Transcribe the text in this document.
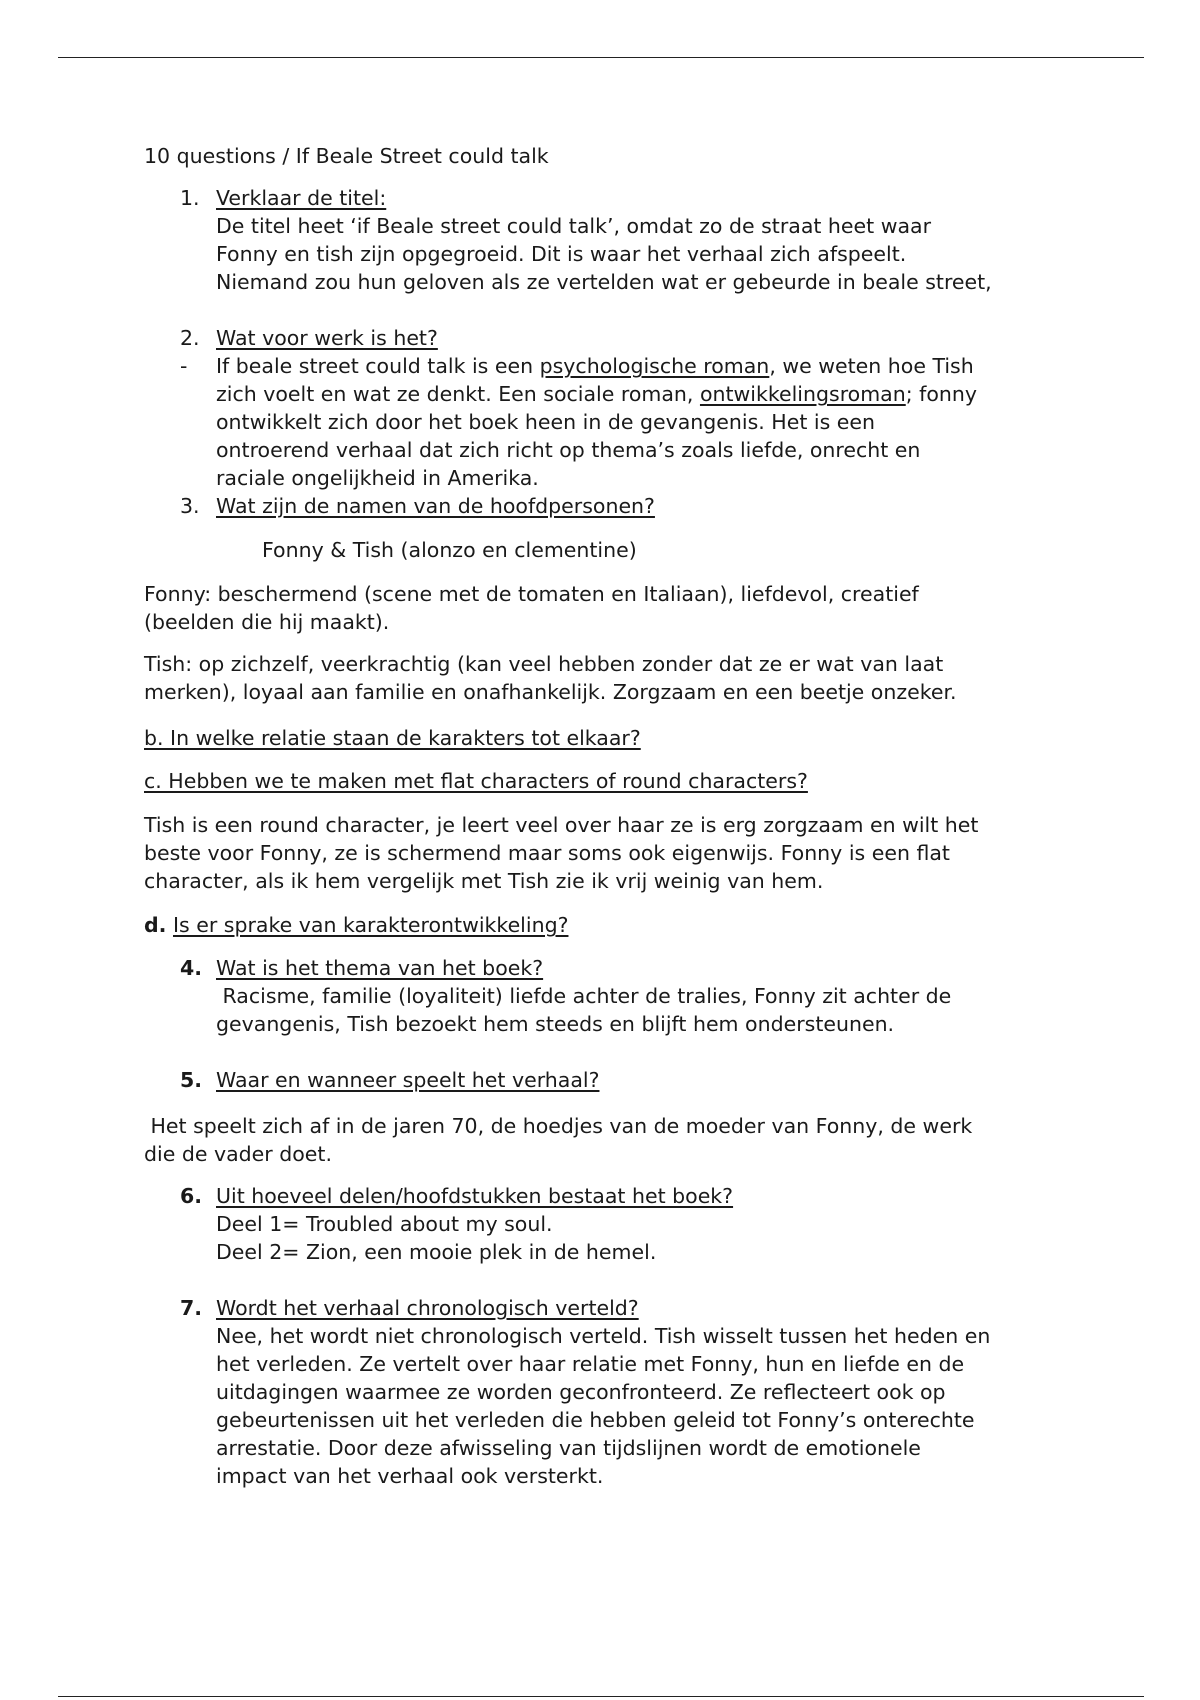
10 questions / If Beale Street could talk
1. Verklaar de titel:
De titel heet ‘if Beale street could talk’, omdat zo de straat heet waar
Fonny en tish zijn opgegroeid. Dit is waar het verhaal zich afspeelt.
Niemand zou hun geloven als ze vertelden wat er gebeurde in beale street,
2. Wat voor werk is het?
- If beale street could talk is een psychologische roman, we weten hoe Tish
zich voelt en wat ze denkt. Een sociale roman, ontwikkelingsroman; fonny
ontwikkelt zich door het boek heen in de gevangenis. Het is een
ontroerend verhaal dat zich richt op thema’s zoals liefde, onrecht en
raciale ongelijkheid in Amerika.
3. Wat zijn de namen van de hoofdpersonen?
Fonny & Tish (alonzo en clementine)
Fonny: beschermend (scene met de tomaten en Italiaan), liefdevol, creatief
(beelden die hij maakt).
Tish: op zichzelf, veerkrachtig (kan veel hebben zonder dat ze er wat van laat
merken), loyaal aan familie en onafhankelijk. Zorgzaam en een beetje onzeker.
b. In welke relatie staan de karakters tot elkaar?
c. Hebben we te maken met flat characters of round characters?
Tish is een round character, je leert veel over haar ze is erg zorgzaam en wilt het
beste voor Fonny, ze is schermend maar soms ook eigenwijs. Fonny is een flat
character, als ik hem vergelijk met Tish zie ik vrij weinig van hem.
d. Is er sprake van karakterontwikkeling?
4. Wat is het thema van het boek?
Racisme, familie (loyaliteit) liefde achter de tralies, Fonny zit achter de
gevangenis, Tish bezoekt hem steeds en blijft hem ondersteunen.
5. Waar en wanneer speelt het verhaal?
Het speelt zich af in de jaren 70, de hoedjes van de moeder van Fonny, de werk
die de vader doet.
6. Uit hoeveel delen/hoofdstukken bestaat het boek?
Deel 1= Troubled about my soul.
Deel 2= Zion, een mooie plek in de hemel.
7. Wordt het verhaal chronologisch verteld?
Nee, het wordt niet chronologisch verteld. Tish wisselt tussen het heden en
het verleden. Ze vertelt over haar relatie met Fonny, hun en liefde en de
uitdagingen waarmee ze worden geconfronteerd. Ze reflecteert ook op
gebeurtenissen uit het verleden die hebben geleid tot Fonny’s onterechte
arrestatie. Door deze afwisseling van tijdslijnen wordt de emotionele
impact van het verhaal ook versterkt.
